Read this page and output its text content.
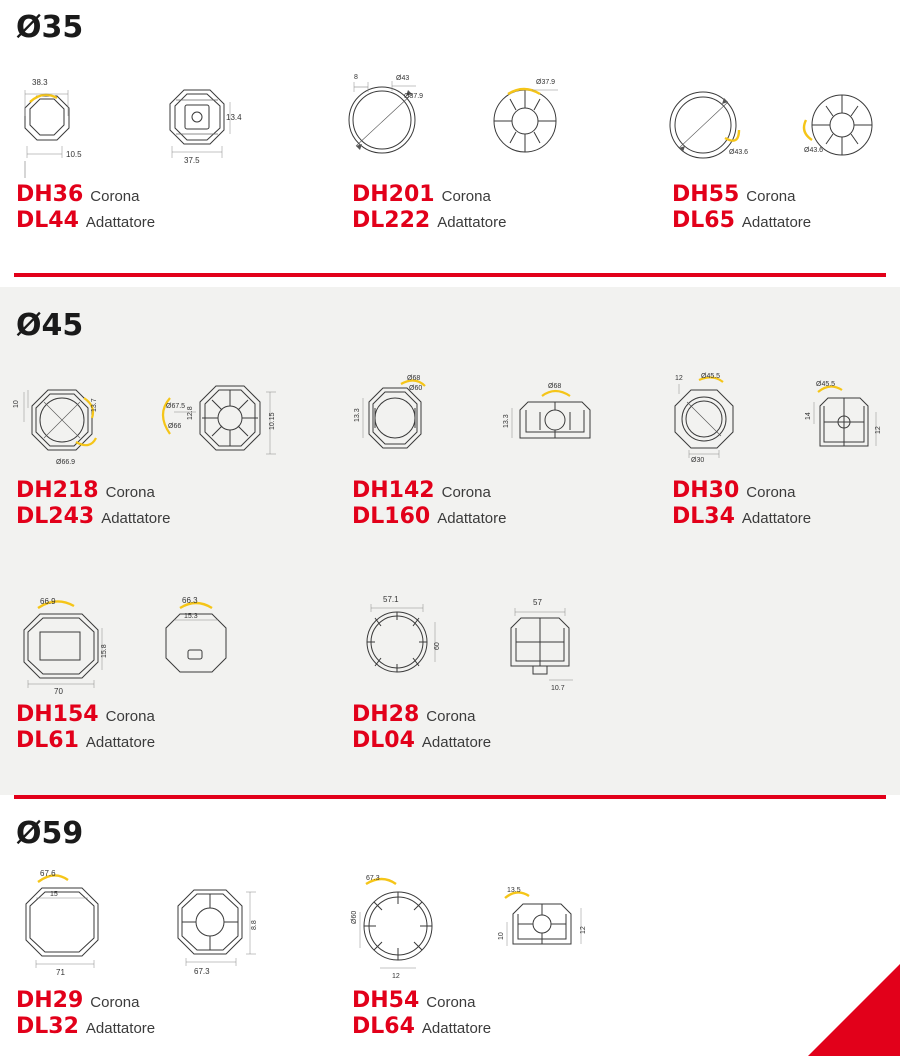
Ø35
38.3
10.5
13.4
37.5
DH36 Corona
DL44 Adattatore
8	Ø43
Ø37.9
Ø37.9
DH201 Corona
DL222 Adattatore
Ø43.6	Ø43.6
DH55 Corona
DL65 Adattatore
Ø45
10	13.7
Ø66.9
Ø67.5
Ø66
12.8	10.15
DH218 Corona
DL243 Adattatore
13.3
Ø68
Ø60
13.3
Ø68
DH142 Corona
DL160 Adattatore
12	Ø45.5
Ø30
Ø45.5
14
12
DH30 Corona
DL34 Adattatore
66.9
70
15.8
66.3
15.3
DH154 Corona
DL61 Adattatore
57.1
60
57
10.7
DH28 Corona
DL04 Adattatore
Ø59
67.6
15
71	67.3
8.8
DH29 Corona
DL32 Adattatore
67.3
Ø60
12
13.5
10
12
DH54 Corona
DL64 Adattatore
